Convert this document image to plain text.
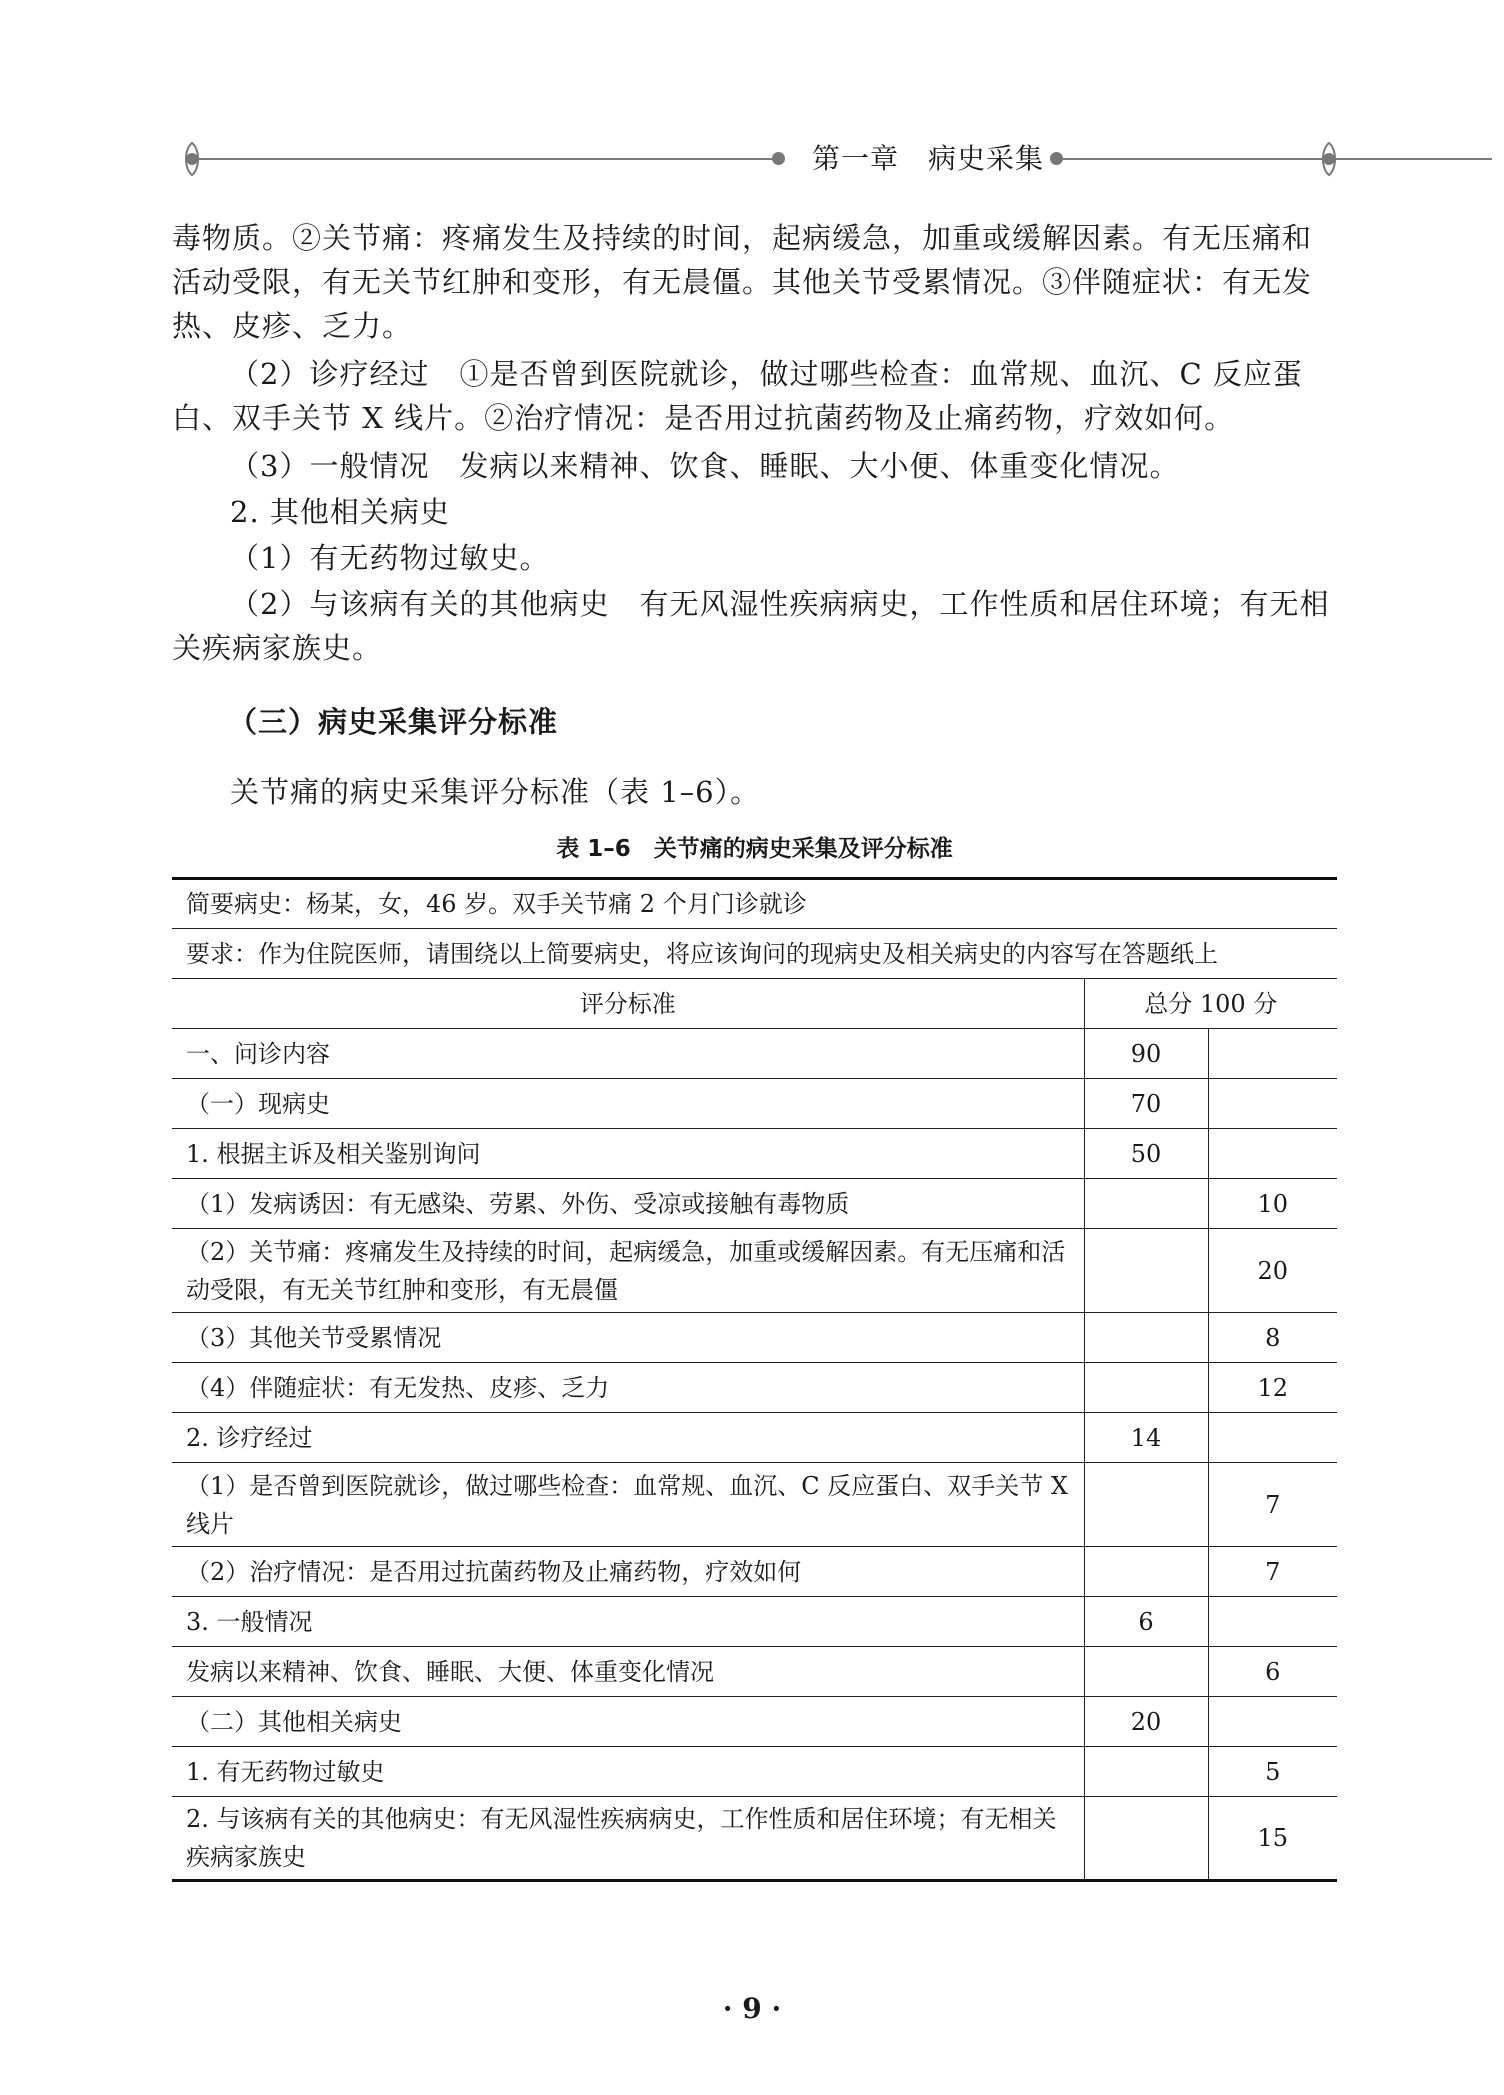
第一章　病史采集
毒物质。②关节痛：疼痛发生及持续的时间，起病缓急，加重或缓解因素。有无压痛和活动受限，有无关节红肿和变形，有无晨僵。其他关节受累情况。③伴随症状：有无发热、皮疹、乏力。
（2）诊疗经过　①是否曾到医院就诊，做过哪些检查：血常规、血沉、C 反应蛋白、双手关节 X 线片。②治疗情况：是否用过抗菌药物及止痛药物，疗效如何。
（3）一般情况　发病以来精神、饮食、睡眠、大小便、体重变化情况。
2. 其他相关病史
（1）有无药物过敏史。
（2）与该病有关的其他病史　有无风湿性疾病病史，工作性质和居住环境；有无相关疾病家族史。
（三）病史采集评分标准
关节痛的病史采集评分标准（表 1–6）。
表 1–6　关节痛的病史采集及评分标准
简要病史：杨某，女，46 岁。双手关节痛 2 个月门诊就诊		
要求：作为住院医师，请围绕以上简要病史，将应该询问的现病史及相关病史的内容写在答题纸上		
评分标准	总分 100 分	
一、问诊内容	90	
（一）现病史	70	
1. 根据主诉及相关鉴别询问	50	
（1）发病诱因：有无感染、劳累、外伤、受凉或接触有毒物质		10
（2）关节痛：疼痛发生及持续的时间，起病缓急，加重或缓解因素。有无压痛和活动受限，有无关节红肿和变形，有无晨僵		20
（3）其他关节受累情况		8
（4）伴随症状：有无发热、皮疹、乏力		12
2. 诊疗经过	14	
（1）是否曾到医院就诊，做过哪些检查：血常规、血沉、C 反应蛋白、双手关节 X 线片		7
（2）治疗情况：是否用过抗菌药物及止痛药物，疗效如何		7
3. 一般情况	6	
发病以来精神、饮食、睡眠、大便、体重变化情况		6
（二）其他相关病史	20	
1. 有无药物过敏史		5
2. 与该病有关的其他病史：有无风湿性疾病病史，工作性质和居住环境；有无相关疾病家族史		15
· 9 ·
